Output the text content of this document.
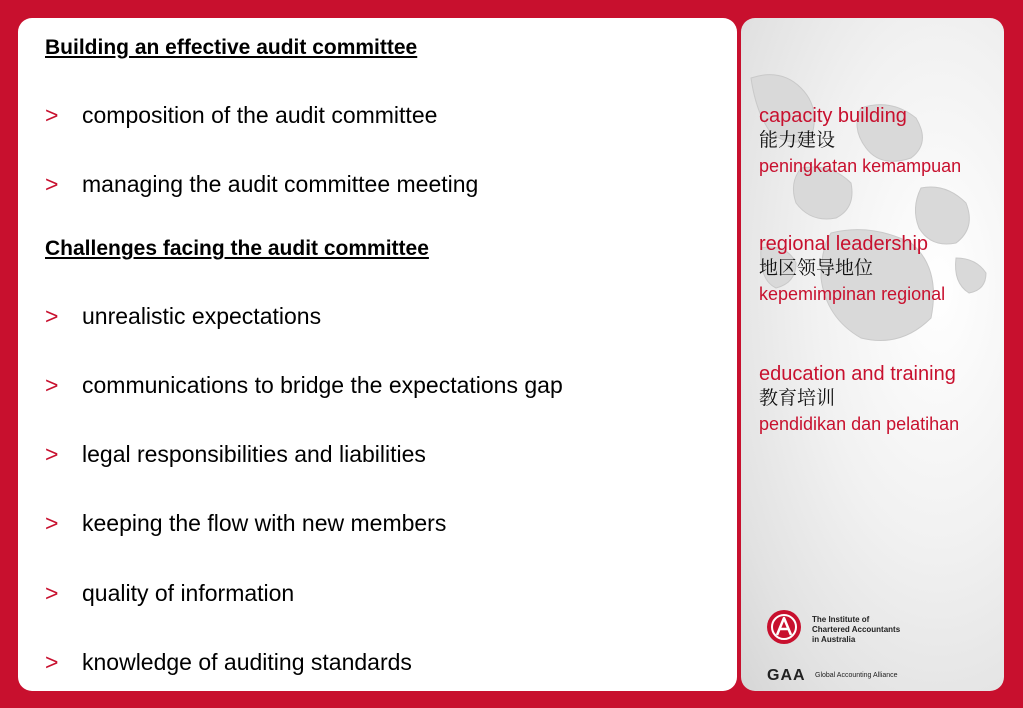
Building an effective audit committee
> composition of the audit committee
> managing the audit committee meeting
Challenges facing the audit committee
> unrealistic expectations
> communications to bridge the expectations gap
> legal responsibilities and liabilities
> keeping the flow with new members
> quality of information
> knowledge of auditing standards

capacity building

能力建设

peningkatan kemampuan

regional leadership

地区领导地位

kepemimpinan regional

education and training

教育培训

pendidikan dan pelatihan

The Institute of
Chartered Accountants
in Australia
GAA Global Accounting Alliance
